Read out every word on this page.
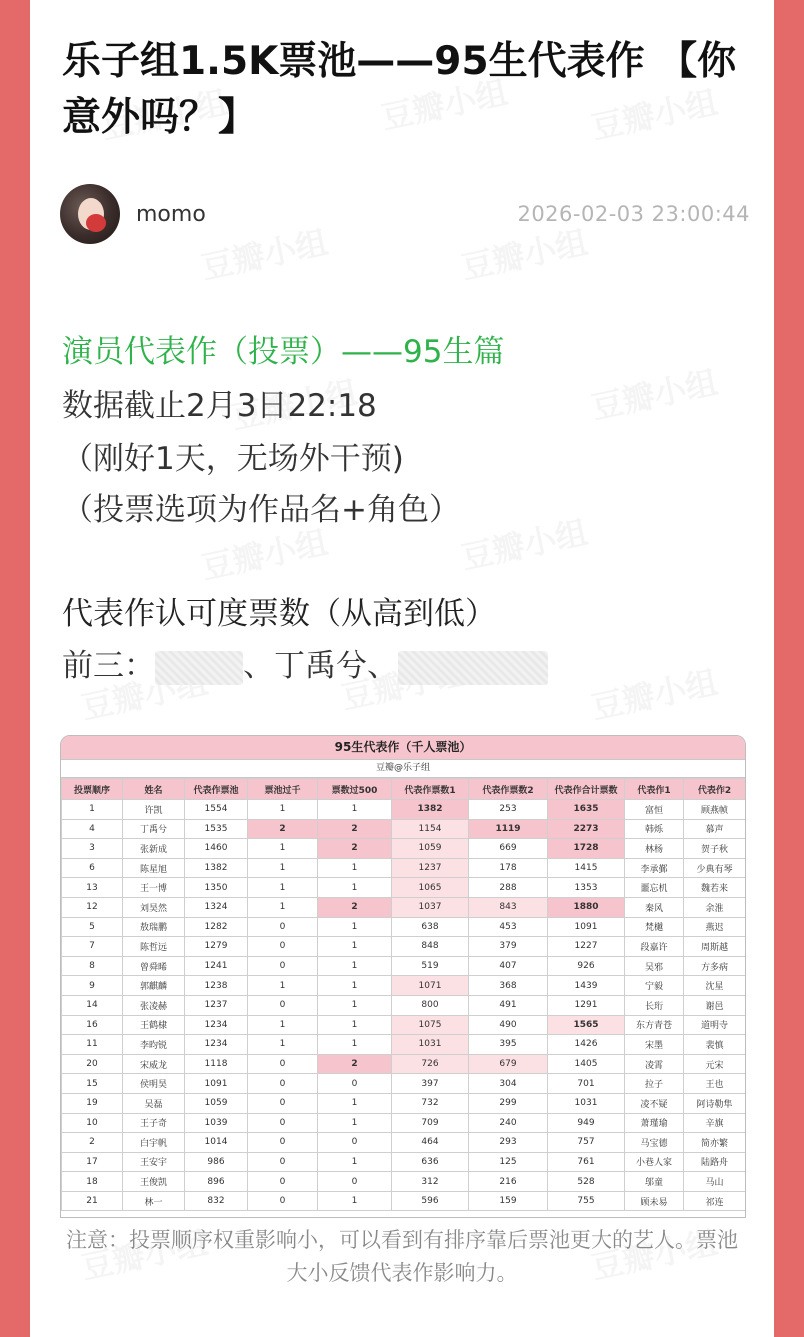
乐子组1.5K票池——95生代表作 【你意外吗？】
momo	2026-02-03 23:00:44
演员代表作（投票）——95生篇
数据截止2月3日22:18
（刚好1天，无场外干预)
（投票选项为作品名+角色）
代表作认可度票数（从高到低）
前三：	、丁禹兮、
95生代表作（千人票池）
豆瓣@乐子组
投票顺序	姓名	代表作票池	票池过千	票数过500	代表作票数1	代表作票数2	代表作合计票数	代表作1	代表作2
1	许凯	1554	1	1	1382	253	1635	富恒	顾燕帧
4	丁禹兮	1535	2	2	1154	1119	2273	韩烁	慕声
3	张新成	1460	1	2	1059	669	1728	林杨	贺子秋
6	陈星旭	1382	1	1	1237	178	1415	李承鄞	少典有琴
13	王一博	1350	1	1	1065	288	1353	噩忘机	魏若来
12	刘昊然	1324	1	2	1037	843	1880	秦风	余淮
5	敖瑞鹏	1282	0	1	638	453	1091	梵樾	燕迟
7	陈哲远	1279	0	1	848	379	1227	段嘉许	周斯越
8	曾舜晞	1241	0	1	519	407	926	吴邪	方多病
9	郭麒麟	1238	1	1	1071	368	1439	宁毅	沈星
14	张凌赫	1237	0	1	800	491	1291	长珩	谢邑
16	王鹤棣	1234	1	1	1075	490	1565	东方青苍	道明寺
11	李昀锐	1234	1	1	1031	395	1426	宋墨	裴慎
20	宋威龙	1118	0	2	726	679	1405	凌霄	元宋
15	侯明昊	1091	0	0	397	304	701	拉子	王也
19	吴磊	1059	0	1	732	299	1031	凌不疑	阿诗勒隼
10	王子奇	1039	0	1	709	240	949	萧瑾瑜	辛旗
2	白宇帆	1014	0	0	464	293	757	马宝德	简亦繁
17	王安宇	986	0	1	636	125	761	小巷人家	陆路舟
18	王俊凯	896	0	0	312	216	528	邬童	马山
21	林一	832	0	1	596	159	755	顾未易	祁连

注意：投票顺序权重影响小，可以看到有排序靠后票池更大的艺人。票池大小反馈代表作影响力。
